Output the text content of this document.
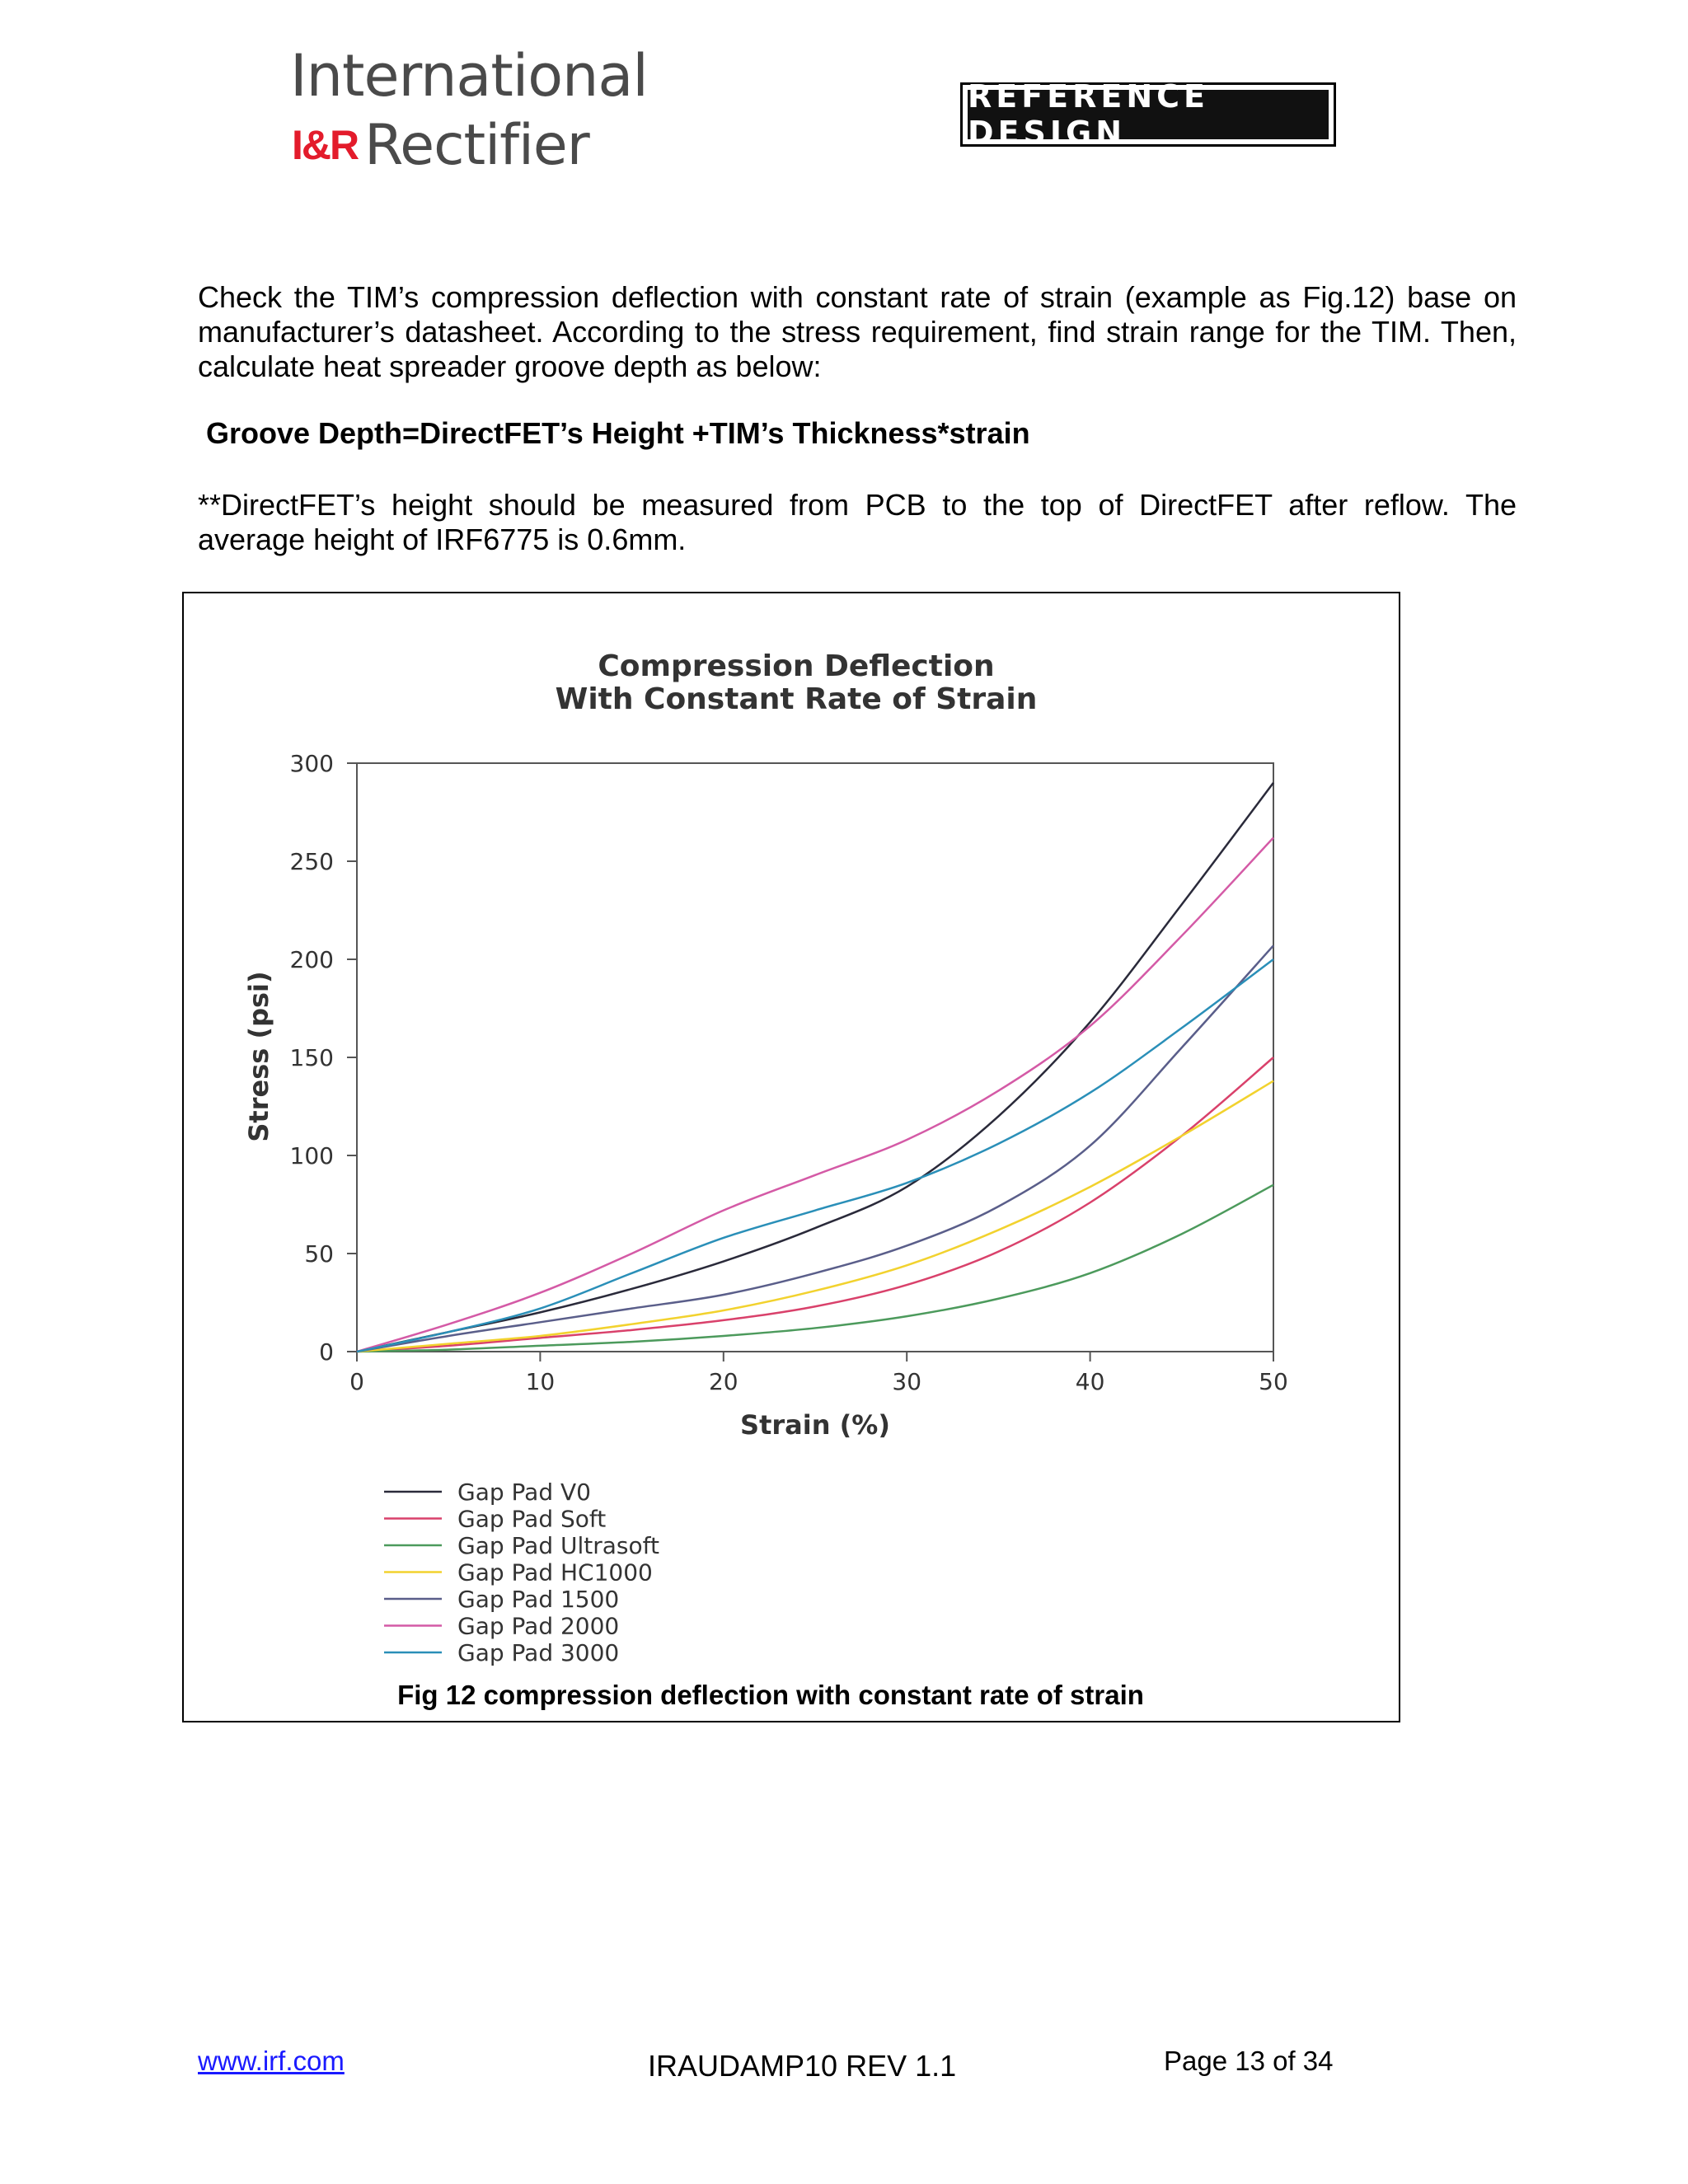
International
I&R Rectifier
REFERENCE DESIGN
Check the TIM’s compression deflection with constant rate of strain (example as Fig.12) base on manufacturer’s datasheet. According to the stress requirement, find strain range for the TIM. Then, calculate heat spreader groove depth as below:
Groove Depth=DirectFET’s Height +TIM’s Thickness*strain
**DirectFET’s height should be measured from PCB to the top of DirectFET after reflow. The average height of IRF6775 is 0.6mm.
Compression Deflection
With Constant Rate of Strain
0
50
100
150
200
250
300
0	10	20	30	40	50
Strain (%)
Stress (psi)
Gap Pad V0
Gap Pad Soft
Gap Pad Ultrasoft
Gap Pad HC1000
Gap Pad 1500
Gap Pad 2000
Gap Pad 3000
Fig 12 compression deflection with constant rate of strain
www.irf.com	IRAUDAMP10 REV 1.1	Page 13 of 34
